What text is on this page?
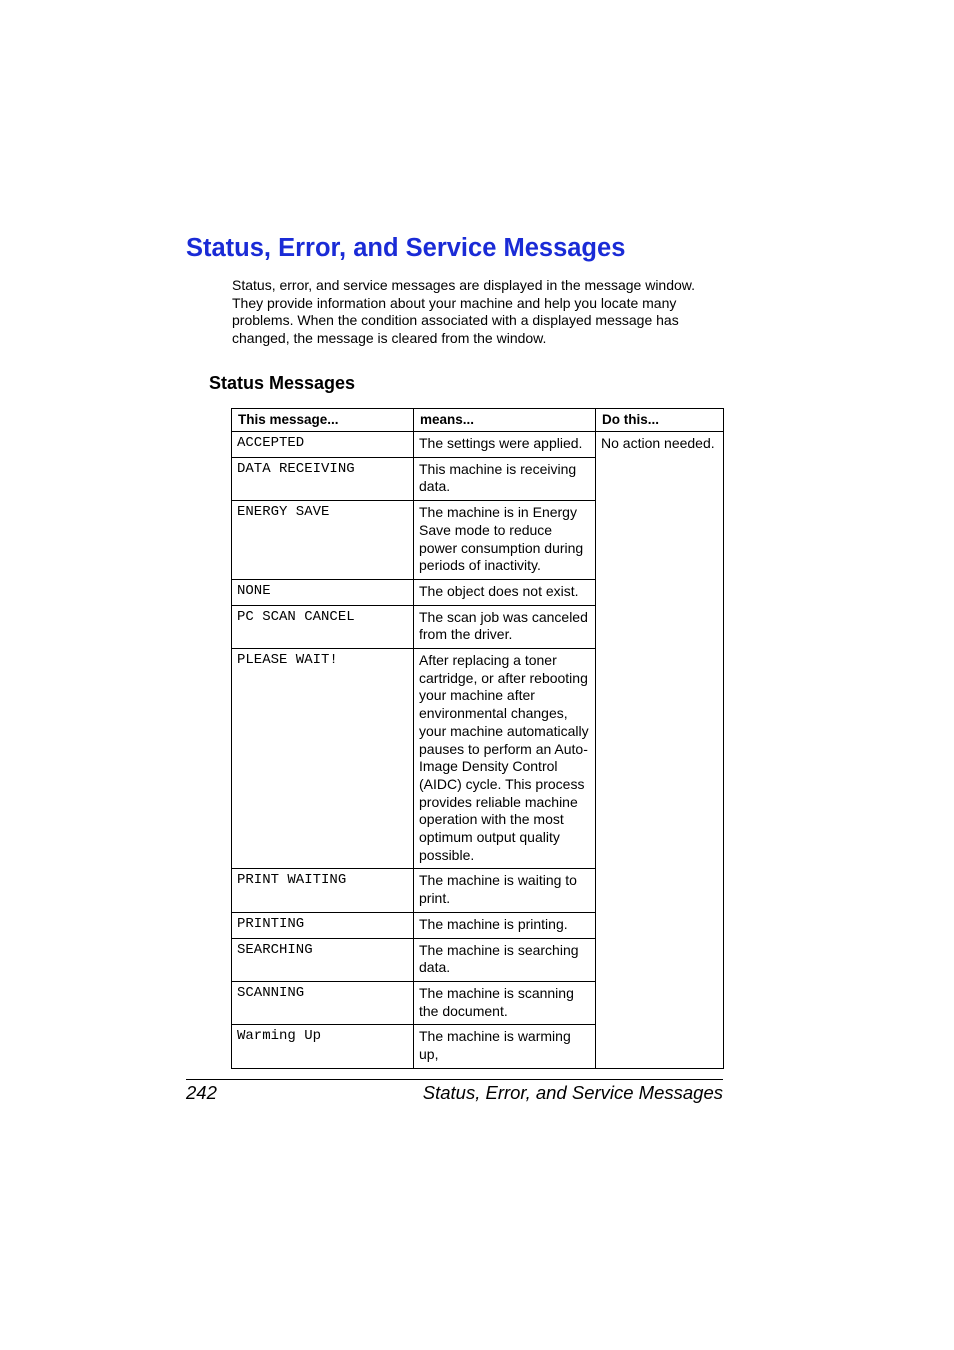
Status, Error, and Service Messages

Status, error, and service messages are displayed in the message window. They provide information about your machine and help you locate many problems. When the condition associated with a displayed message has changed, the message is cleared from the window.

Status Messages
This message...	means...	Do this...
ACCEPTED	The settings were applied.	No action needed.
DATA RECEIVING	This machine is receiving data.	
ENERGY SAVE	The machine is in Energy Save mode to reduce power consumption during periods of inactivity.	
NONE	The object does not exist.	
PC SCAN CANCEL	The scan job was canceled from the driver.	
PLEASE WAIT!	After replacing a toner cartridge, or after rebooting your machine after environmental changes, your machine automatically pauses to perform an Auto-Image Density Control (AIDC) cycle. This process provides reliable machine operation with the most optimum output quality possible.	
PRINT WAITING	The machine is waiting to print.	
PRINTING	The machine is printing.	
SEARCHING	The machine is searching data.	
SCANNING	The machine is scanning the document.	
Warming Up	The machine is warming up,	

242	Status, Error, and Service Messages
